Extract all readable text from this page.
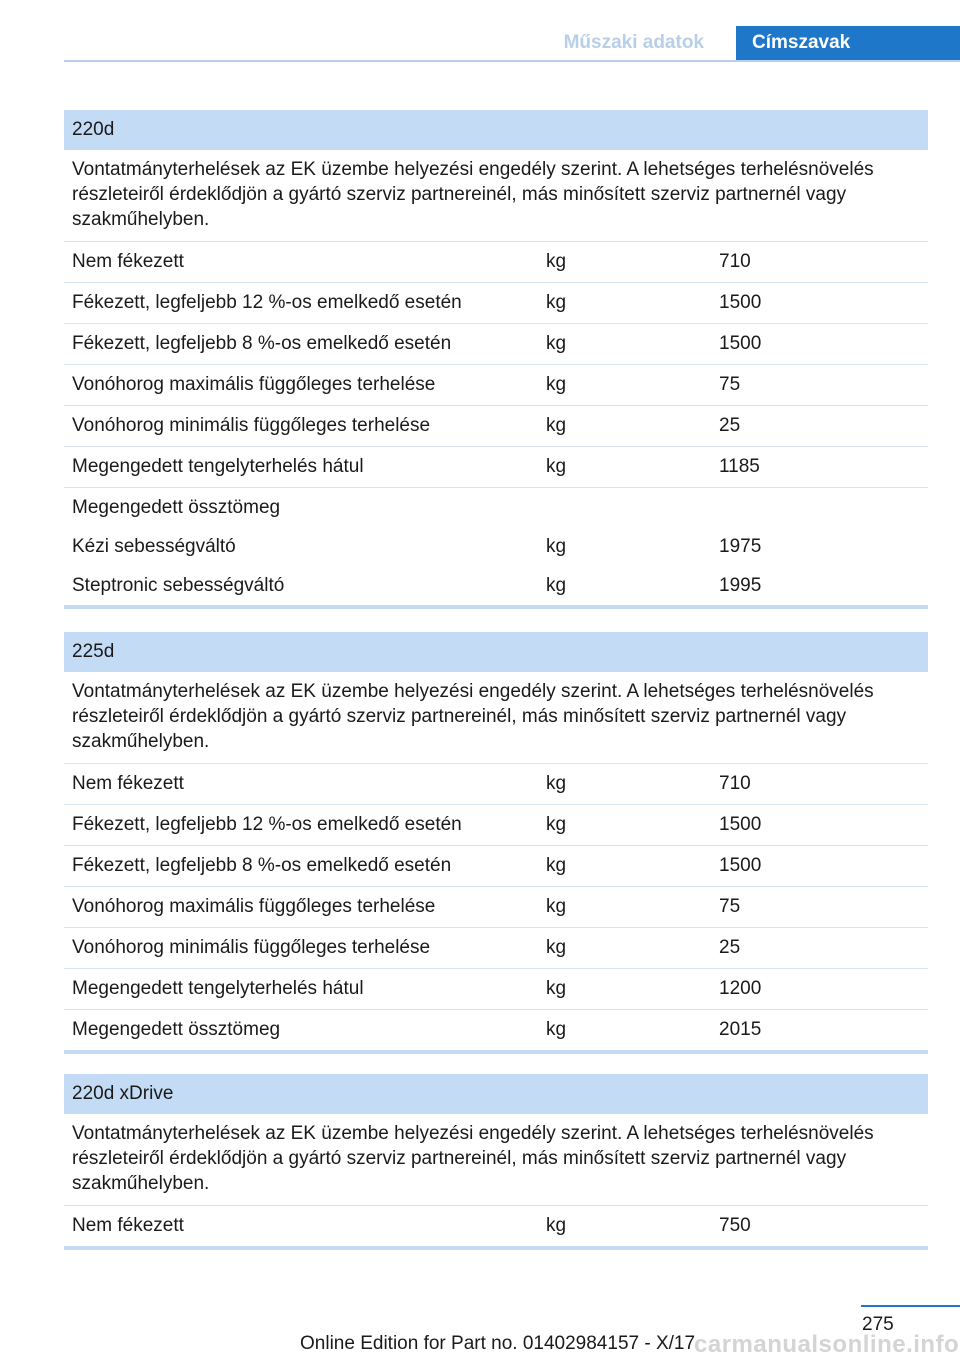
Műszaki adatok	Címszavak
220d
Vontatmányterhelések az EK üzembe helyezési engedély szerint. A lehetséges terhelésnövelés részleteiről érdeklődjön a gyártó szerviz partnereinél, más minősített szerviz partnernél vagy szakműhelyben.
Nem fékezett	kg	710
Fékezett, legfeljebb 12 %-os emelkedő esetén	kg	1500
Fékezett, legfeljebb 8 %-os emelkedő esetén	kg	1500
Vonóhorog maximális függőleges terhelése	kg	75
Vonóhorog minimális függőleges terhelése	kg	25
Megengedett tengelyterhelés hátul	kg	1185
Megengedett össztömeg
Kézi sebességváltó	kg	1975
Steptronic sebességváltó	kg	1995
225d
Vontatmányterhelések az EK üzembe helyezési engedély szerint. A lehetséges terhelésnövelés részleteiről érdeklődjön a gyártó szerviz partnereinél, más minősített szerviz partnernél vagy szakműhelyben.
Nem fékezett	kg	710
Fékezett, legfeljebb 12 %-os emelkedő esetén	kg	1500
Fékezett, legfeljebb 8 %-os emelkedő esetén	kg	1500
Vonóhorog maximális függőleges terhelése	kg	75
Vonóhorog minimális függőleges terhelése	kg	25
Megengedett tengelyterhelés hátul	kg	1200
Megengedett össztömeg	kg	2015
220d xDrive
Vontatmányterhelések az EK üzembe helyezési engedély szerint. A lehetséges terhelésnövelés részleteiről érdeklődjön a gyártó szerviz partnereinél, más minősített szerviz partnernél vagy szakműhelyben.
Nem fékezett	kg	750
275
Online Edition for Part no. 01402984157 - X/17
carmanualsonline.info
